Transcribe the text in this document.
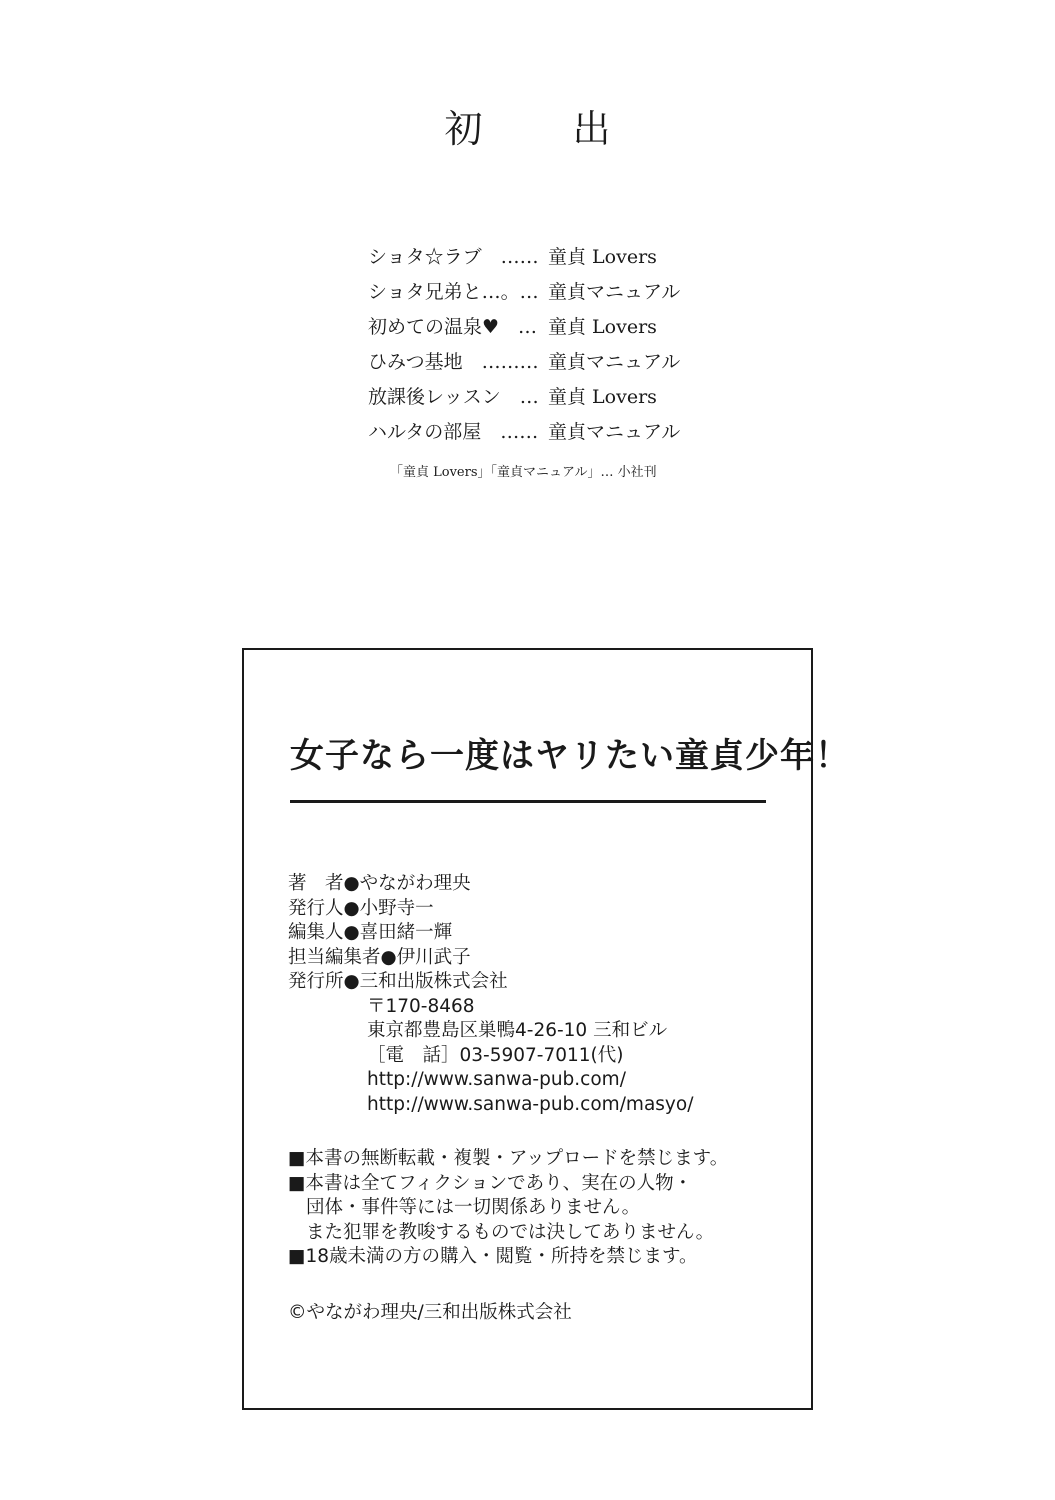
初　出
ショタ☆ラブ　…… 童貞 Lovers
ショタ兄弟と…。… 童貞マニュアル
初めての温泉♥　… 童貞 Lovers
ひみつ基地　……… 童貞マニュアル
放課後レッスン　… 童貞 Lovers
ハルタの部屋　…… 童貞マニュアル
「童貞 Lovers」「童貞マニュアル」… 小社刊
女子なら一度はヤリたい童貞少年！
著　者●やながわ理央
発行人●小野寺一
編集人●喜田緒一輝
担当編集者●伊川武子
発行所●三和出版株式会社
〒170-8468
東京都豊島区巣鴨4-26-10 三和ビル
［電　話］03-5907-7011(代)
http://www.sanwa-pub.com/
http://www.sanwa-pub.com/masyo/
■本書の無断転載・複製・アップロードを禁じます。
■本書は全てフィクションであり、実在の人物・
団体・事件等には一切関係ありません。
また犯罪を教唆するものでは決してありません。
■18歳未満の方の購入・閲覧・所持を禁じます。
©やながわ理央/三和出版株式会社
